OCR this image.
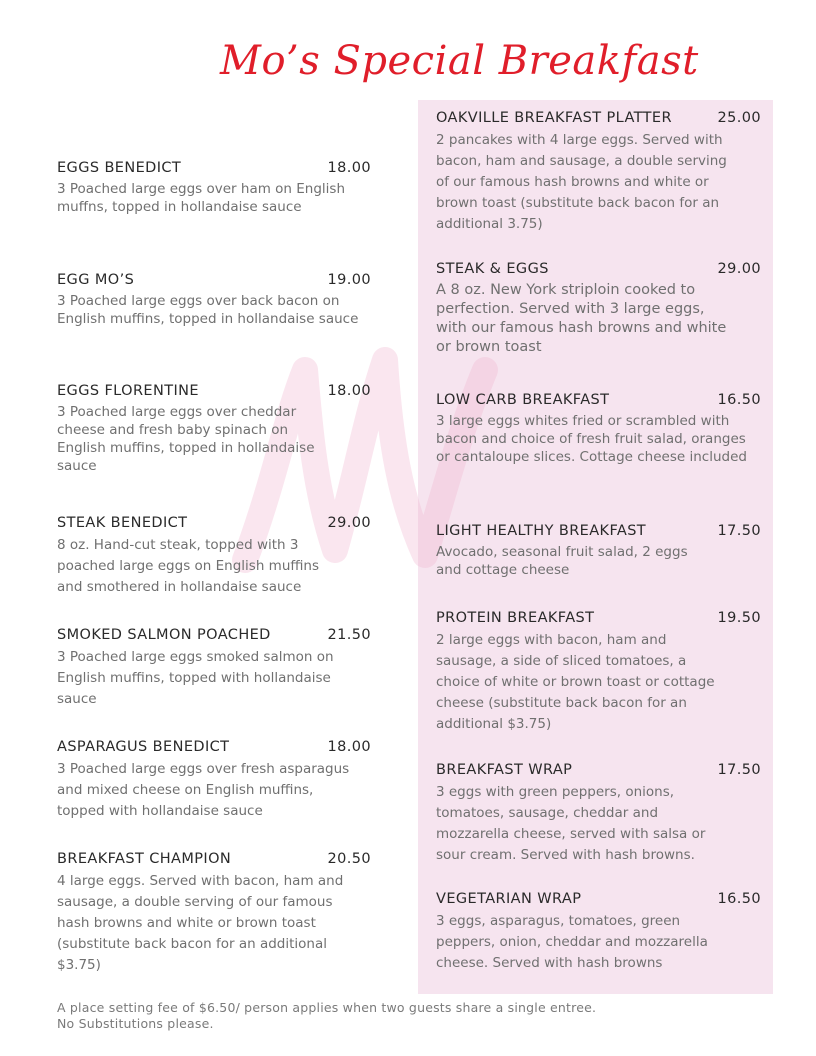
Mo’s Special Breakfast
EGGS BENEDICT	18.00
3 Poached large eggs over ham on English muffns, topped in hollandaise sauce
EGG MO’S	19.00
3 Poached large eggs over back bacon on English muffins, topped in hollandaise sauce
EGGS FLORENTINE	18.00
3 Poached large eggs over cheddar cheese and fresh baby spinach on English muffins, topped in hollandaise sauce
STEAK BENEDICT	29.00
8 oz. Hand-cut steak, topped with 3 poached large eggs on English muffins and smothered in hollandaise sauce
SMOKED SALMON POACHED	21.50
3 Poached large eggs smoked salmon on English muffins, topped with hollandaise sauce
ASPARAGUS BENEDICT	18.00
3 Poached large eggs over fresh asparagus and mixed cheese on English muffins, topped with hollandaise sauce
BREAKFAST CHAMPION	20.50
4 large eggs. Served with bacon, ham and sausage, a double serving of our famous hash browns and white or brown toast (substitute back bacon for an additional $3.75)
OAKVILLE BREAKFAST PLATTER	25.00
2 pancakes with 4 large eggs. Served with bacon, ham and sausage, a double serving of our famous hash browns and white or brown toast (substitute back bacon for an additional 3.75)
STEAK & EGGS	29.00
A 8 oz. New York striploin cooked to perfection. Served with 3 large eggs, with our famous hash browns and white or brown toast
LOW CARB BREAKFAST	16.50
3 large eggs whites fried or scrambled with bacon and choice of fresh fruit salad, oranges or cantaloupe slices. Cottage cheese included
LIGHT HEALTHY BREAKFAST	17.50
Avocado, seasonal fruit salad, 2 eggs and cottage cheese
PROTEIN BREAKFAST	19.50
2 large eggs with bacon, ham and sausage, a side of sliced tomatoes, a choice of white or brown toast or cottage cheese (substitute back bacon for an additional $3.75)
BREAKFAST WRAP	17.50
3 eggs with green peppers, onions, tomatoes, sausage, cheddar and mozzarella cheese, served with salsa or sour cream. Served with hash browns.
VEGETARIAN WRAP	16.50
3 eggs, asparagus, tomatoes, green peppers, onion, cheddar and mozzarella cheese. Served with hash browns
A place setting fee of $6.50/ person applies when two guests share a single entree.
No Substitutions please.
